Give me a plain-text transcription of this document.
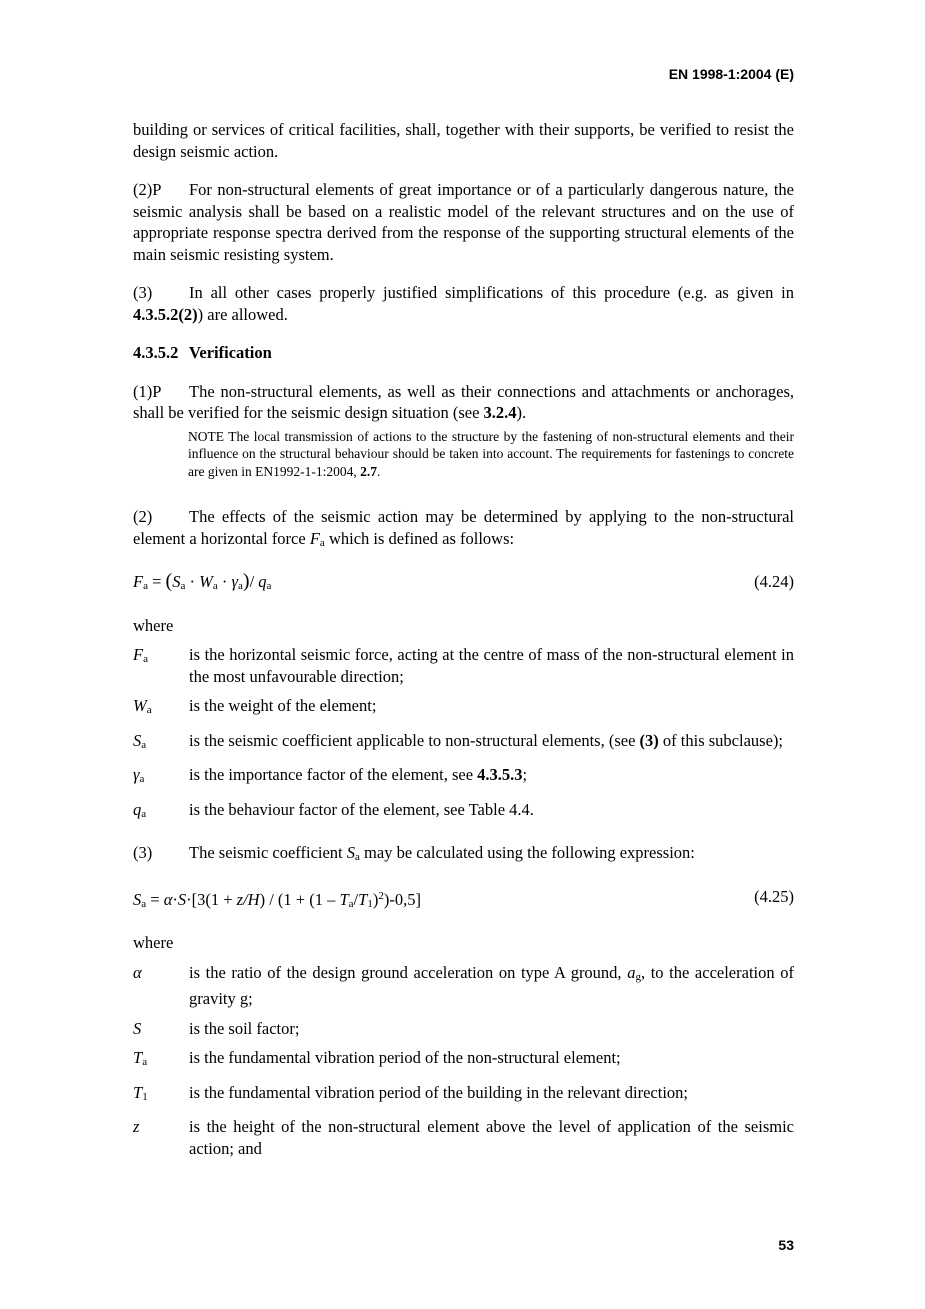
EN 1998-1:2004 (E)

building or services of critical facilities, shall, together with their supports, be verified to resist the design seismic action.

(2)P For non-structural elements of great importance or of a particularly dangerous nature, the seismic analysis shall be based on a realistic model of the relevant structures and on the use of appropriate response spectra derived from the response of the supporting structural elements of the main seismic resisting system.

(3) In all other cases properly justified simplifications of this procedure (e.g. as given in 4.3.5.2(2)) are allowed.

4.3.5.2 Verification

(1)P The non-structural elements, as well as their connections and attachments or anchorages, shall be verified for the seismic design situation (see 3.2.4).

NOTE The local transmission of actions to the structure by the fastening of non-structural elements and their influence on the structural behaviour should be taken into account. The requirements for fastenings to concrete are given in EN1992-1-1:2004, 2.7.

(2) The effects of the seismic action may be determined by applying to the non-structural element a horizontal force $F_a$ which is defined as follows:

$F_a = (S_a \cdot W_a \cdot \gamma_a)/$ $q_a$	(4.24)

where

$F_a$	is the horizontal seismic force, acting at the centre of mass of the non-structural element in the most unfavourable direction;
$W_a$	is the weight of the element;
$S_a$	is the seismic coefficient applicable to non-structural elements, (see (3) of this subclause);
$\gamma_a$	is the importance factor of the element, see 4.3.5.3;
$q_a$	is the behaviour factor of the element, see Table 4.4.

(3) The seismic coefficient $S_a$ may be calculated using the following expression:

$S_a = \alpha\cdot S\cdot[3(1 + z/H) / (1 + (1 - T_a/T_1)^2)-0,5]$	(4.25)

where

α	is the ratio of the design ground acceleration on type A ground, $a_g$, to the acceleration of gravity g;
S	is the soil factor;
$T_a$	is the fundamental vibration period of the non-structural element;
$T_1$	is the fundamental vibration period of the building in the relevant direction;
z	is the height of the non-structural element above the level of application of the seismic action; and
53
